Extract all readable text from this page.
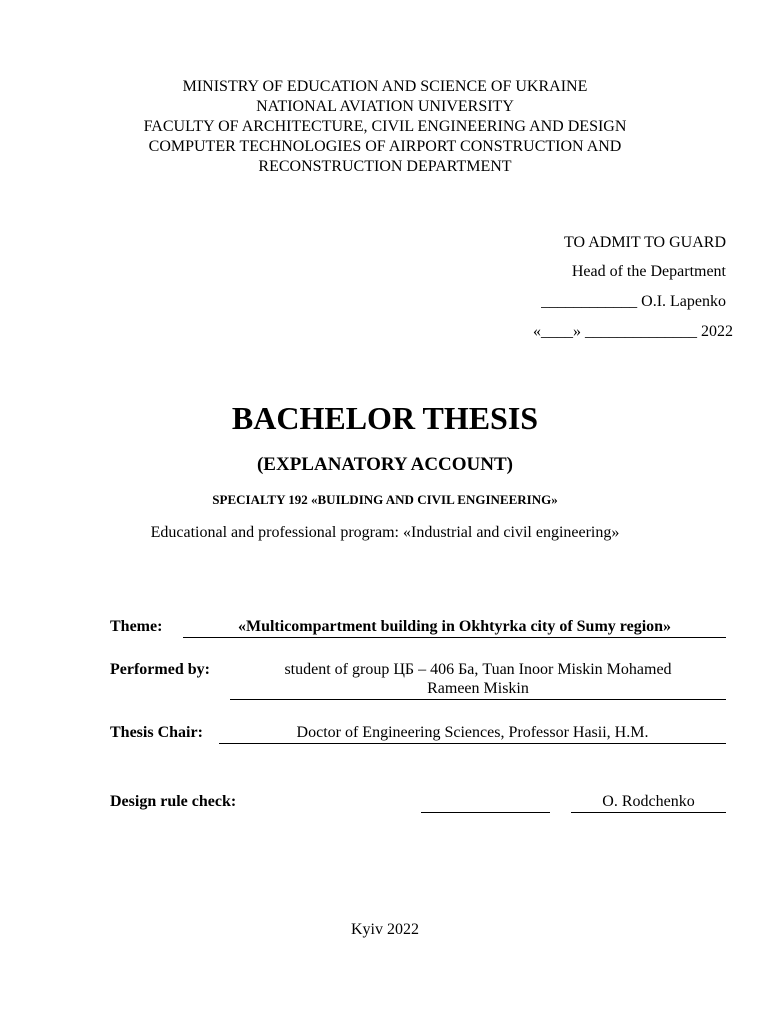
MINISTRY OF EDUCATION AND SCIENCE OF UKRAINE
NATIONAL AVIATION UNIVERSITY
FACULTY OF ARCHITECTURE, CIVIL ENGINEERING AND DESIGN
COMPUTER TECHNOLOGIES OF AIRPORT CONSTRUCTION AND
RECONSTRUCTION DEPARTMENT
TO ADMIT TO GUARD
Head of the Department
____________ O.I. Lapenko
«____» ______________ 2022
BACHELOR THESIS
(EXPLANATORY ACCOUNT)
SPECIALTY 192 «BUILDING AND CIVIL ENGINEERING»
Educational and professional program: «Industrial and civil engineering»
Theme:	«Multicompartment building in Okhtyrka city of Sumy region»
Performed by:	student of group ЦБ – 406 Ба, Tuan Inoor Miskin Mohamed
Rameen Miskin
Thesis Chair:	Doctor of Engineering Sciences, Professor Hasii, H.M.
Design rule check:	O. Rodchenko
Kyiv 2022
